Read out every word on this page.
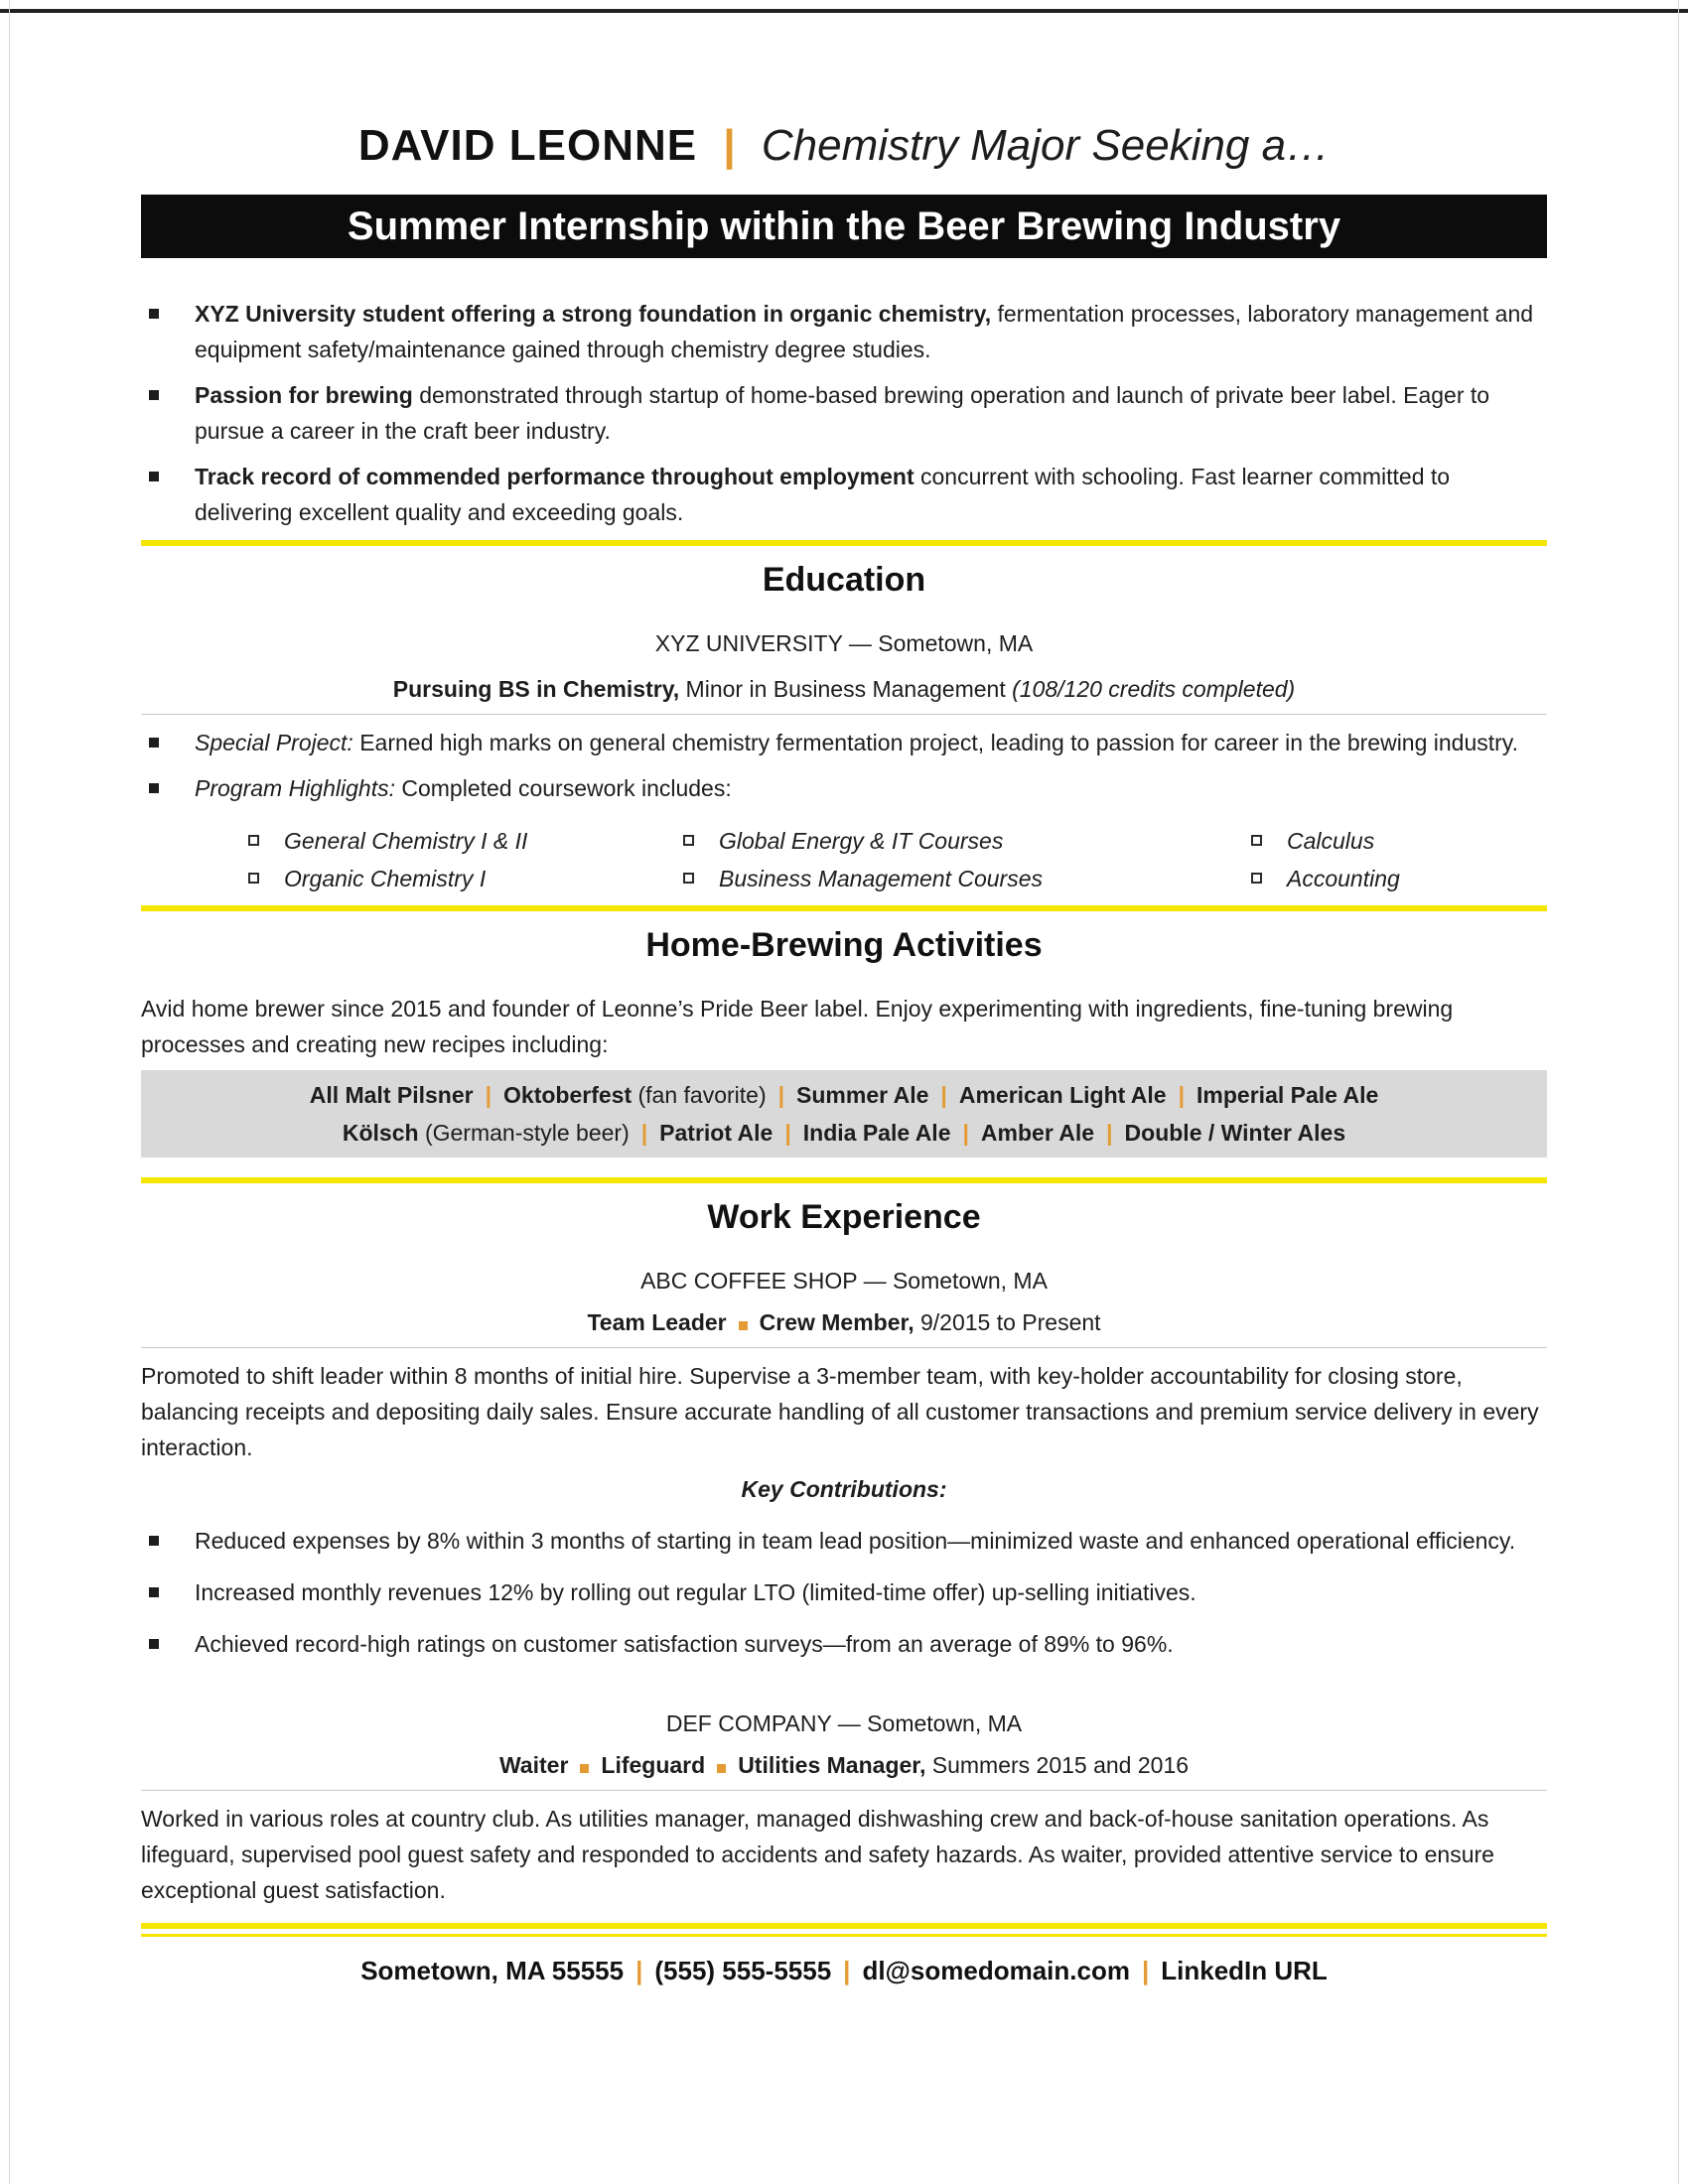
DAVID LEONNE | Chemistry Major Seeking a…
Summer Internship within the Beer Brewing Industry

XYZ University student offering a strong foundation in organic chemistry, fermentation processes, laboratory management and equipment safety/maintenance gained through chemistry degree studies.

Passion for brewing demonstrated through startup of home-based brewing operation and launch of private beer label. Eager to pursue a career in the craft beer industry.

Track record of commended performance throughout employment concurrent with schooling. Fast learner committed to delivering excellent quality and exceeding goals.

Education
XYZ UNIVERSITY — Sometown, MA
Pursuing BS in Chemistry, Minor in Business Management (108/120 credits completed)

Special Project: Earned high marks on general chemistry fermentation project, leading to passion for career in the brewing industry.

Program Highlights: Completed coursework includes:

General Chemistry I & II
Organic Chemistry I
Global Energy & IT Courses
Business Management Courses
Calculus
Accounting
Home-Brewing Activities

Avid home brewer since 2015 and founder of Leonne’s Pride Beer label. Enjoy experimenting with ingredients, fine-tuning brewing processes and creating new recipes including:

All Malt Pilsner | Oktoberfest (fan favorite) | Summer Ale | American Light Ale | Imperial Pale Ale
Kölsch (German-style beer) | Patriot Ale | India Pale Ale | Amber Ale | Double / Winter Ales
Work Experience
ABC COFFEE SHOP — Sometown, MA
Team Leader Crew Member, 9/2015 to Present

Promoted to shift leader within 8 months of initial hire. Supervise a 3-member team, with key-holder accountability for closing store, balancing receipts and depositing daily sales. Ensure accurate handling of all customer transactions and premium service delivery in every interaction.

Key Contributions:

Reduced expenses by 8% within 3 months of starting in team lead position—minimized waste and enhanced operational efficiency.

Increased monthly revenues 12% by rolling out regular LTO (limited-time offer) up-selling initiatives.

Achieved record-high ratings on customer satisfaction surveys—from an average of 89% to 96%.

DEF COMPANY — Sometown, MA
Waiter Lifeguard Utilities Manager, Summers 2015 and 2016

Worked in various roles at country club. As utilities manager, managed dishwashing crew and back-of-house sanitation operations. As lifeguard, supervised pool guest safety and responded to accidents and safety hazards. As waiter, provided attentive service to ensure exceptional guest satisfaction.

Sometown, MA 55555 | (555) 555-5555 | dl@somedomain.com | LinkedIn URL
